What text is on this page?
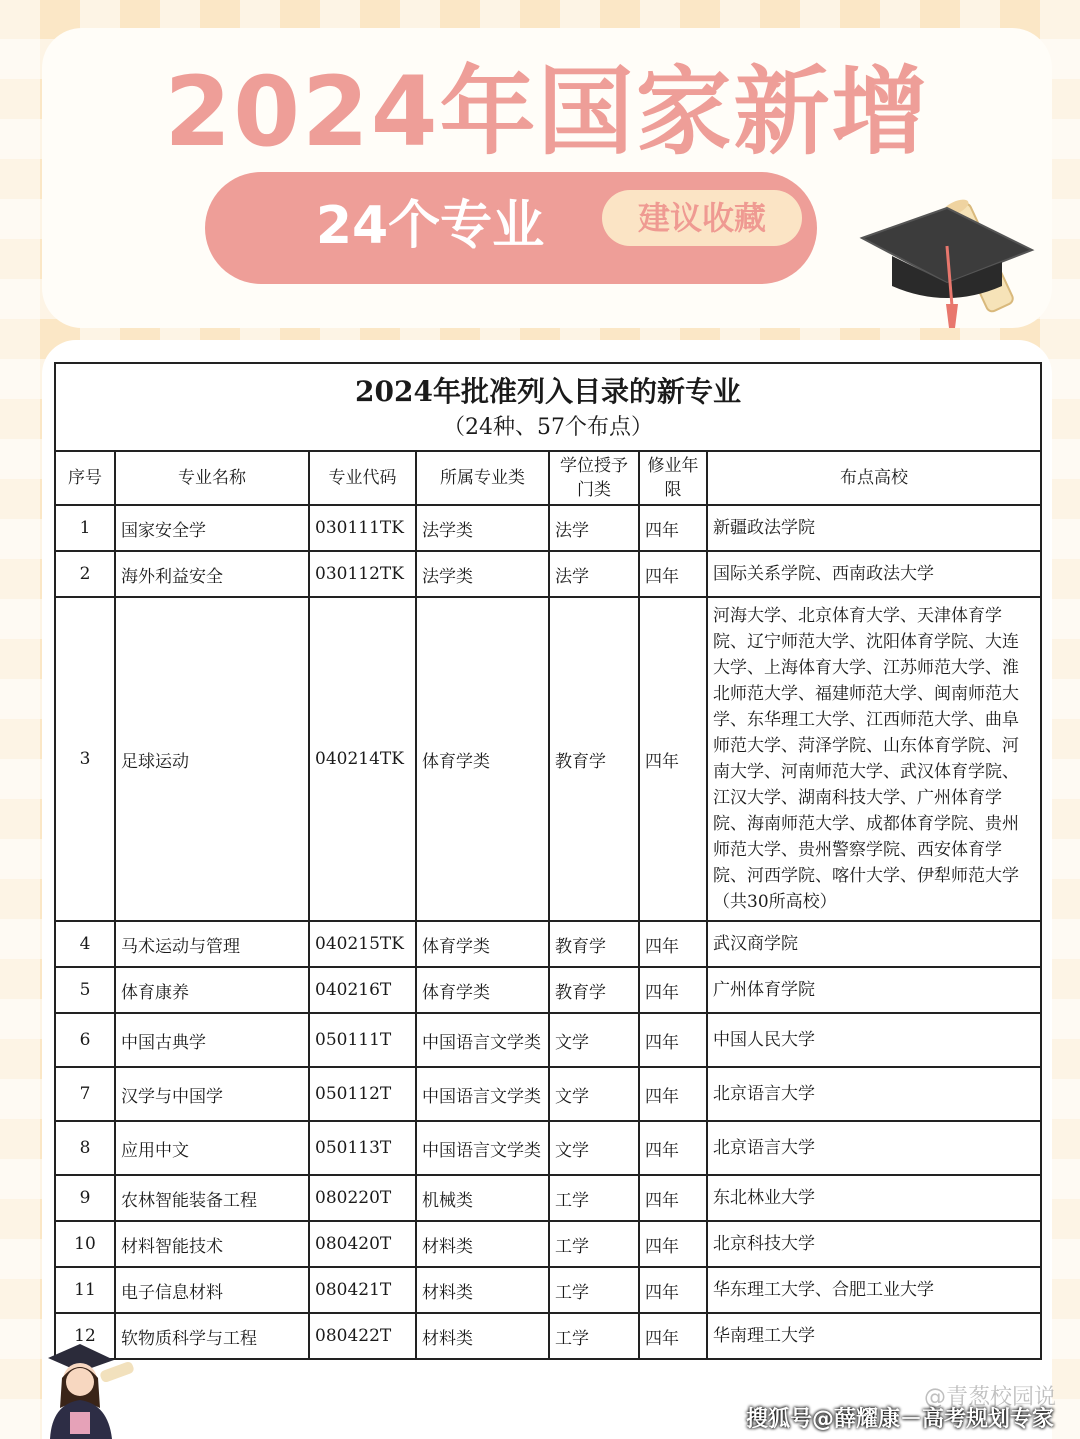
2024年国家新增
24个专业	建议收藏
2024年批准列入目录的新专业
（24种、57个布点）						

序号	专业名称	专业代码	所属专业类	学位授予门类	修业年限	布点高校
1	国家安全学	030111TK	法学类	法学	四年	新疆政法学院
2	海外利益安全	030112TK	法学类	法学	四年	国际关系学院、西南政法大学
3	足球运动	040214TK	体育学类	教育学	四年	河海大学、北京体育大学、天津体育学院、辽宁师范大学、沈阳体育学院、大连大学、上海体育大学、江苏师范大学、淮北师范大学、福建师范大学、闽南师范大学、东华理工大学、江西师范大学、曲阜师范大学、菏泽学院、山东体育学院、河南大学、河南师范大学、武汉体育学院、江汉大学、湖南科技大学、广州体育学院、海南师范大学、成都体育学院、贵州师范大学、贵州警察学院、西安体育学院、河西学院、喀什大学、伊犁师范大学（共30所高校）
4	马术运动与管理	040215TK	体育学类	教育学	四年	武汉商学院
5	体育康养	040216T	体育学类	教育学	四年	广州体育学院
6	中国古典学	050111T	中国语言文学类	文学	四年	中国人民大学
7	汉学与中国学	050112T	中国语言文学类	文学	四年	北京语言大学
8	应用中文	050113T	中国语言文学类	文学	四年	北京语言大学
9	农林智能装备工程	080220T	机械类	工学	四年	东北林业大学
10	材料智能技术	080420T	材料类	工学	四年	北京科技大学
11	电子信息材料	080421T	材料类	工学	四年	华东理工大学、合肥工业大学
12	软物质科学与工程	080422T	材料类	工学	四年	华南理工大学
@青葱校园说
搜狐号@薛耀康－高考规划专家
